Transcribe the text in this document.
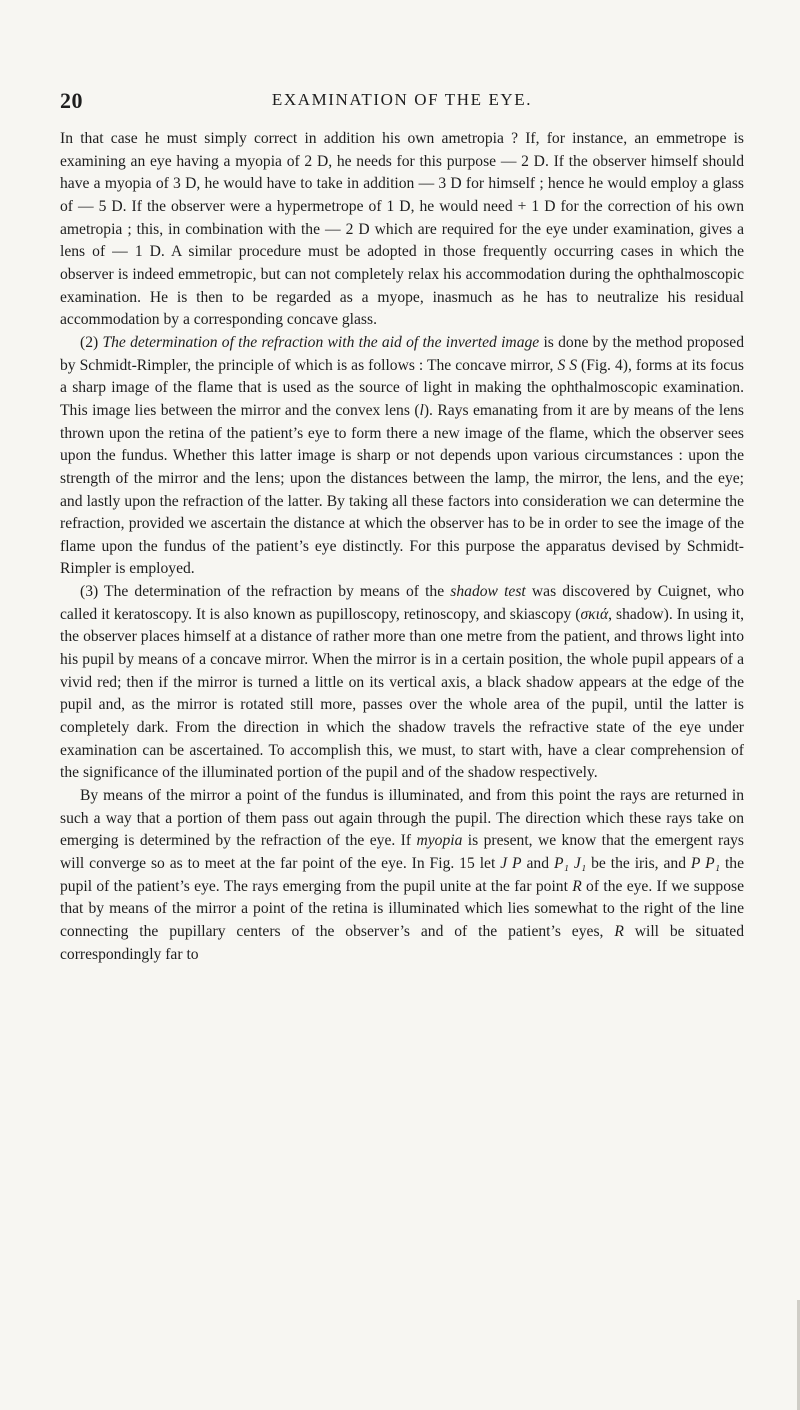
20	EXAMINATION OF THE EYE.

In that case he must simply correct in addition his own ametropia ? If, for instance, an emmetrope is examining an eye having a myopia of 2 D, he needs for this purpose — 2 D. If the observer himself should have a myopia of 3 D, he would have to take in addition — 3 D for himself ; hence he would employ a glass of — 5 D. If the observer were a hypermetrope of 1 D, he would need + 1 D for the correction of his own ametropia ; this, in combination with the — 2 D which are required for the eye under examination, gives a lens of — 1 D. A similar procedure must be adopted in those frequently occurring cases in which the observer is indeed emmetropic, but can not completely relax his accommodation during the ophthalmoscopic examination. He is then to be regarded as a myope, inasmuch as he has to neutralize his residual accommodation by a corresponding concave glass.

(2) The determination of the refraction with the aid of the inverted image is done by the method proposed by Schmidt-Rimpler, the principle of which is as follows : The concave mirror, S S (Fig. 4), forms at its focus a sharp image of the flame that is used as the source of light in making the ophthalmoscopic examination. This image lies between the mirror and the convex lens (l). Rays emanating from it are by means of the lens thrown upon the retina of the patient’s eye to form there a new image of the flame, which the observer sees upon the fundus. Whether this latter image is sharp or not depends upon various circumstances : upon the strength of the mirror and the lens; upon the distances between the lamp, the mirror, the lens, and the eye; and lastly upon the refraction of the latter. By taking all these factors into consideration we can determine the refraction, provided we ascertain the distance at which the observer has to be in order to see the image of the flame upon the fundus of the patient’s eye distinctly. For this purpose the apparatus devised by Schmidt-Rimpler is employed.

(3) The determination of the refraction by means of the shadow test was discovered by Cuignet, who called it keratoscopy. It is also known as pupilloscopy, retinoscopy, and skiascopy (σκιά, shadow). In using it, the observer places himself at a distance of rather more than one metre from the patient, and throws light into his pupil by means of a concave mirror. When the mirror is in a certain position, the whole pupil appears of a vivid red; then if the mirror is turned a little on its vertical axis, a black shadow appears at the edge of the pupil and, as the mirror is rotated still more, passes over the whole area of the pupil, until the latter is completely dark. From the direction in which the shadow travels the refractive state of the eye under examination can be ascertained. To accomplish this, we must, to start with, have a clear comprehension of the significance of the illuminated portion of the pupil and of the shadow respectively.

By means of the mirror a point of the fundus is illuminated, and from this point the rays are returned in such a way that a portion of them pass out again through the pupil. The direction which these rays take on emerging is determined by the refraction of the eye. If myopia is present, we know that the emergent rays will converge so as to meet at the far point of the eye. In Fig. 15 let J P and P₁ J₁ be the iris, and P P₁ the pupil of the patient’s eye. The rays emerging from the pupil unite at the far point R of the eye. If we suppose that by means of the mirror a point of the retina is illuminated which lies somewhat to the right of the line connecting the pupillary centers of the observer’s and of the patient’s eyes, R will be situated correspondingly far to
